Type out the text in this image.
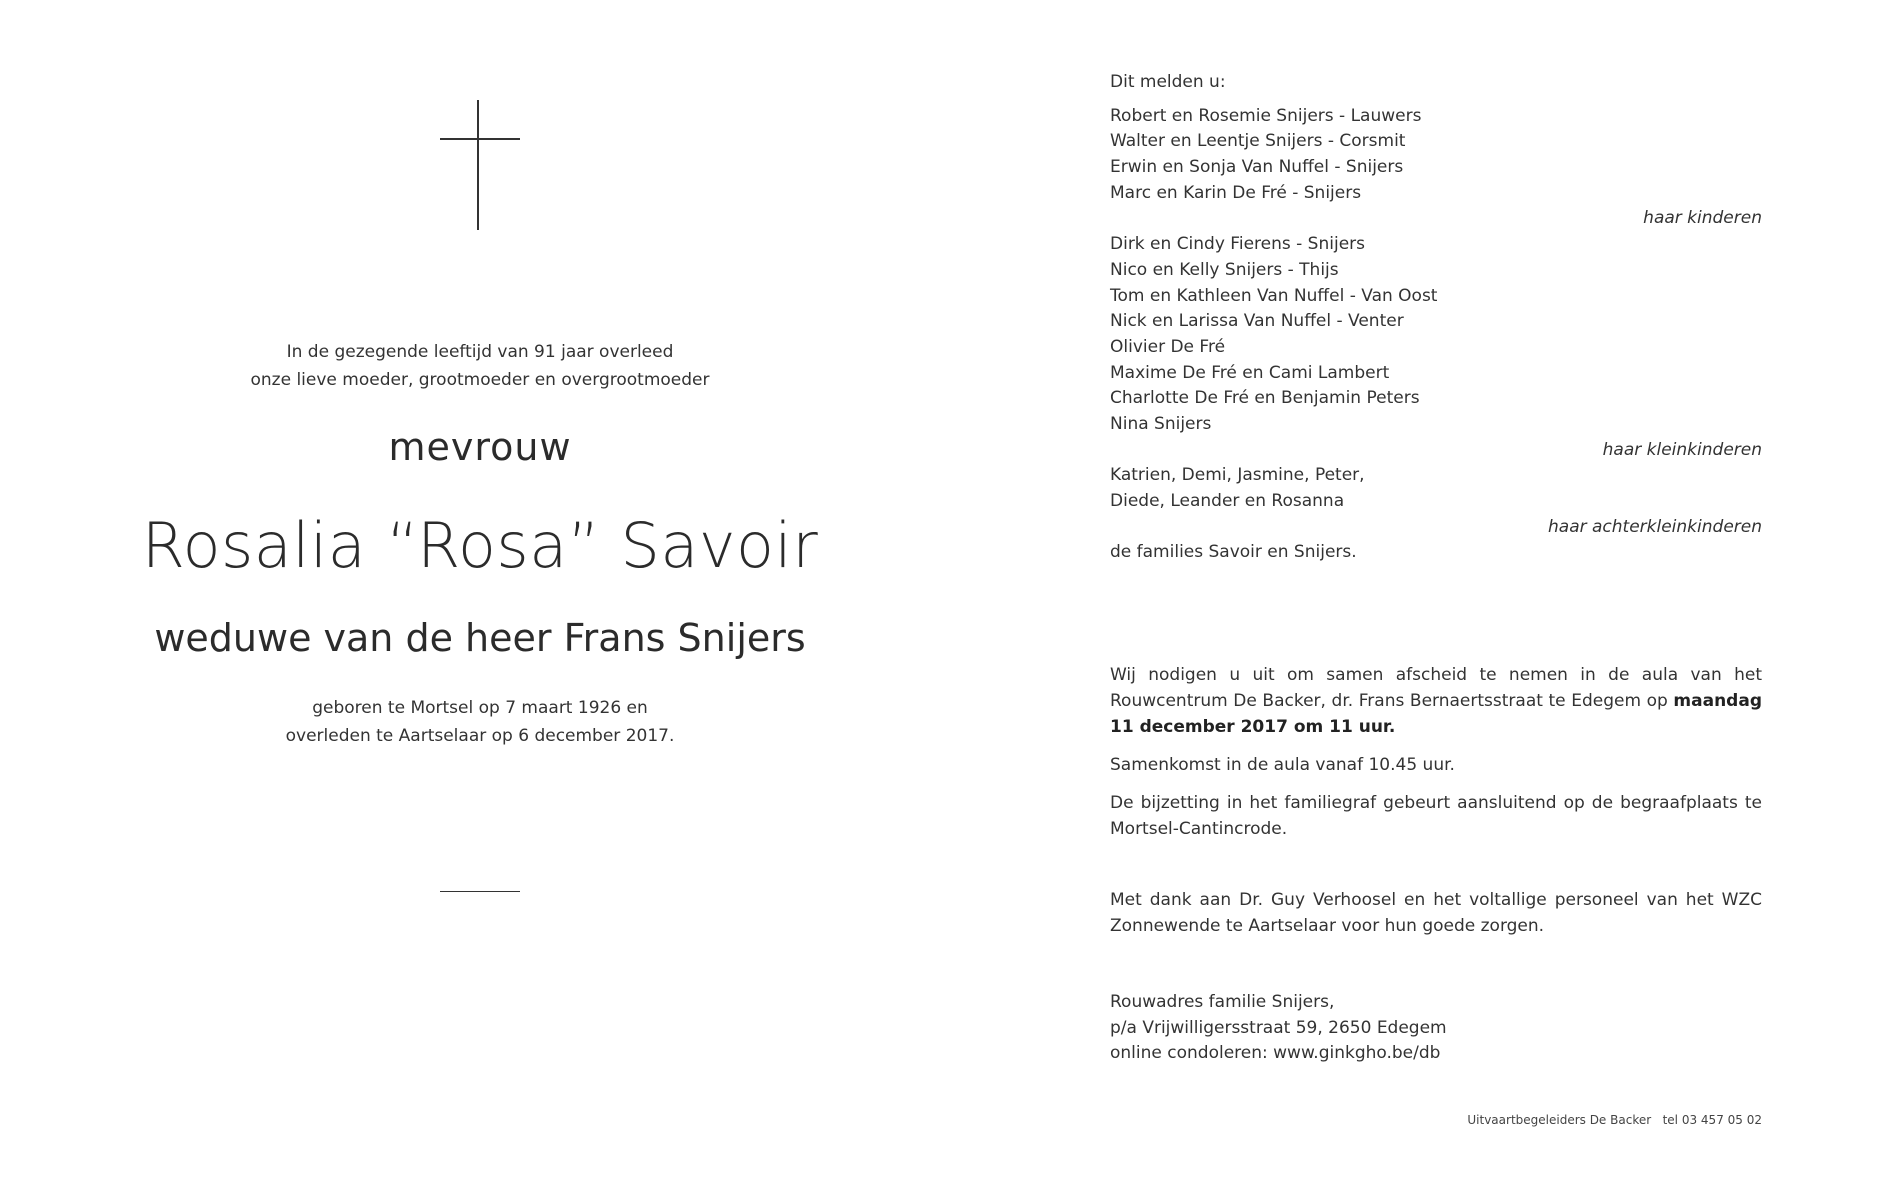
In de gezegende leeftijd van 91 jaar overleed
onze lieve moeder, grootmoeder en overgrootmoeder
mevrouw
Rosalia “Rosa” Savoir
weduwe van de heer Frans Snijers
geboren te Mortsel op 7 maart 1926 en
overleden te Aartselaar op 6 december 2017.
Dit melden u:
Robert en Rosemie Snijers - Lauwers
Walter en Leentje Snijers - Corsmit
Erwin en Sonja Van Nuffel - Snijers
Marc en Karin De Fré - Snijers
haar kinderen
Dirk en Cindy Fierens - Snijers
Nico en Kelly Snijers - Thijs
Tom en Kathleen Van Nuffel - Van Oost
Nick en Larissa Van Nuffel - Venter
Olivier De Fré
Maxime De Fré en Cami Lambert
Charlotte De Fré en Benjamin Peters
Nina Snijers
haar kleinkinderen
Katrien, Demi, Jasmine, Peter,
Diede, Leander en Rosanna
haar achterkleinkinderen
de families Savoir en Snijers.

Wij nodigen u uit om samen afscheid te nemen in de aula van het Rouwcentrum De Backer, dr. Frans Bernaertsstraat te Edegem op maandag 11 december 2017 om 11 uur.

Samenkomst in de aula vanaf 10.45 uur.

De bijzetting in het familiegraf gebeurt aansluitend op de begraafplaats te Mortsel-Cantincrode.

Met dank aan Dr. Guy Verhoosel en het voltallige personeel van het WZC Zonnewende te Aartselaar voor hun goede zorgen.

Rouwadres familie Snijers,
p/a Vrijwilligersstraat 59, 2650 Edegem
online condoleren: www.ginkgho.be/db
Uitvaartbegeleiders De Backer   tel 03 457 05 02
